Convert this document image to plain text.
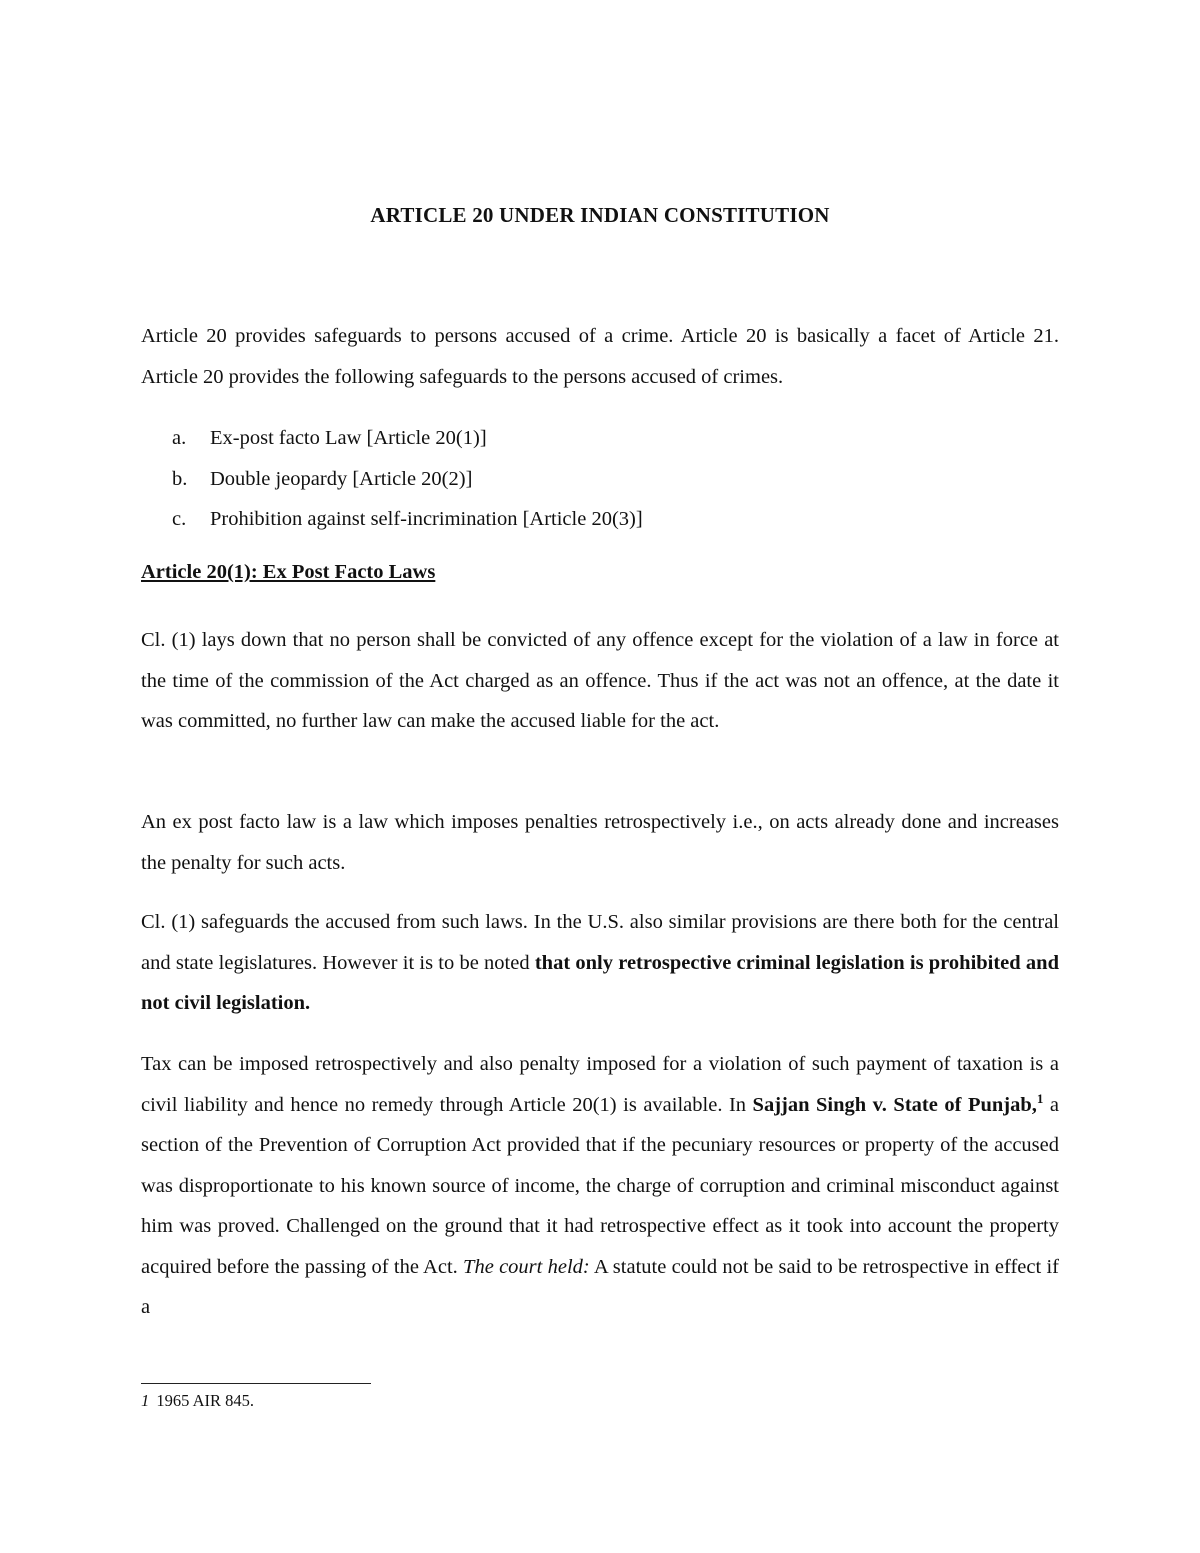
ARTICLE 20 UNDER INDIAN CONSTITUTION
Article 20 provides safeguards to persons accused of a crime. Article 20 is basically a facet of Article 21. Article 20 provides the following safeguards to the persons accused of crimes.
a.	Ex-post facto Law [Article 20(1)]
b.	Double jeopardy [Article 20(2)]
c.	Prohibition against self-incrimination [Article 20(3)]
Article 20(1): Ex Post Facto Laws
Cl. (1) lays down that no person shall be convicted of any offence except for the violation of a law in force at the time of the commission of the Act charged as an offence. Thus if the act was not an offence, at the date it was committed, no further law can make the accused liable for the act.
An ex post facto law is a law which imposes penalties retrospectively i.e., on acts already done and increases the penalty for such acts.
Cl. (1) safeguards the accused from such laws. In the U.S. also similar provisions are there both for the central and state legislatures. However it is to be noted that only retrospective criminal legislation is prohibited and not civil legislation.
Tax can be imposed retrospectively and also penalty imposed for a violation of such payment of taxation is a civil liability and hence no remedy through Article 20(1) is available. In Sajjan Singh v. State of Punjab,$^1$ a section of the Prevention of Corruption Act provided that if the pecuniary resources or property of the accused was disproportionate to his known source of income, the charge of corruption and criminal misconduct against him was proved. Challenged on the ground that it had retrospective effect as it took into account the property acquired before the passing of the Act. The court held: A statute could not be said to be retrospective in effect if a
1 1965 AIR 845.
